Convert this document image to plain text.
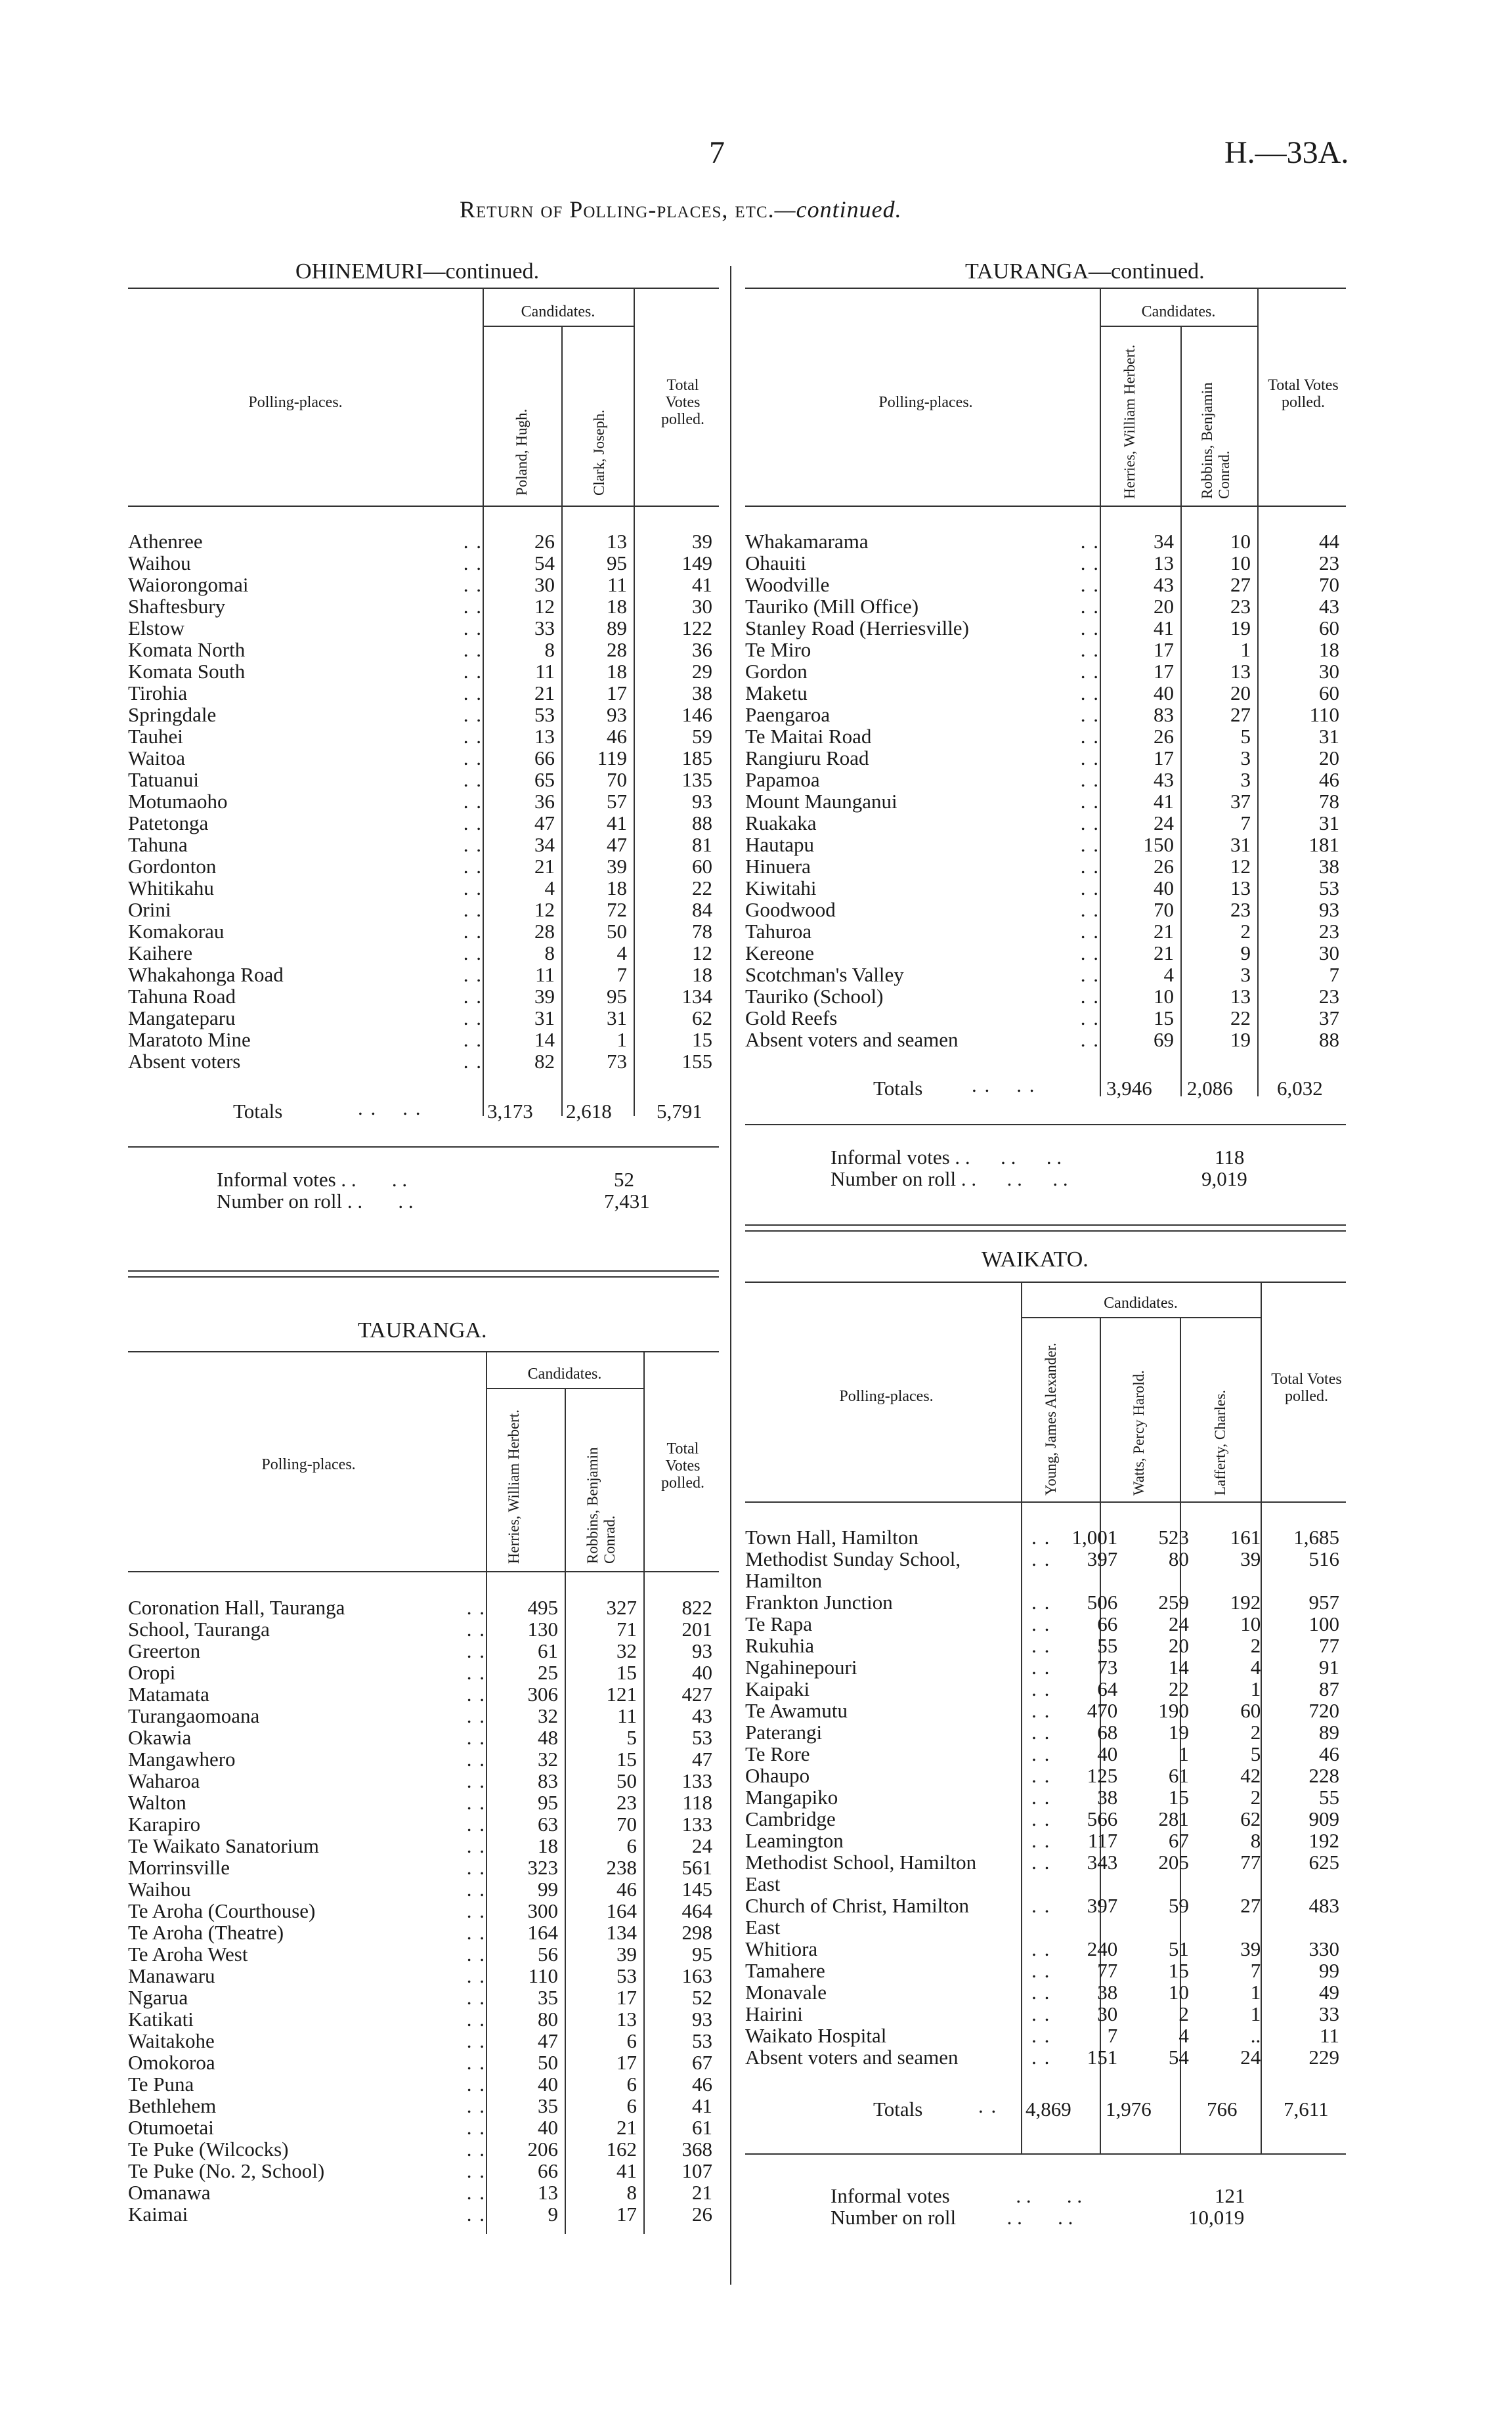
7	H.—33A.
Return of Polling-places, etc.—continued.
OHINEMURI—continued.
Candidates.
Polling-places.
Poland, Hugh.	Clark, Joseph.
Total Votes polled.
Athenree	. .	26	13	39
Waihou	. .	54	95	149
Waiorongomai	. .	30	11	41
Shaftesbury	. .	12	18	30
Elstow	. .	33	89	122
Komata North	. .	8	28	36
Komata South	. .	11	18	29
Tirohia	. .	21	17	38
Springdale	. .	53	93	146
Tauhei	. .	13	46	59
Waitoa	. .	66	119	185
Tatuanui	. .	65	70	135
Motumaoho	. .	36	57	93
Patetonga	. .	47	41	88
Tahuna	. .	34	47	81
Gordonton	. .	21	39	60
Whitikahu	. .	4	18	22
Orini	. .	12	72	84
Komakorau	. .	28	50	78
Kaihere	. .	8	4	12
Whakahonga Road	. .	11	7	18
Tahuna Road	. .	39	95	134
Mangateparu	. .	31	31	62
Maratoto Mine	. .	14	1	15
Absent voters	. .	82	73	155
Totals	. .    . .	3,173 2,618 5,791
Informal votes . .       . .	52
Number on roll . .       . .	7,431
TAURANGA—continued.
Candidates.
Polling-places.	Herries, William Herbert.	Robbins, Benjamin Conrad.
Total Votes polled.
Whakamarama	. .	34	10	44
Ohauiti	. .	13	10	23
Woodville	. .	43	27	70
Tauriko (Mill Office)	. .	20	23	43
Stanley Road (Herriesville)	. .	41	19	60
Te Miro	. .	17	1	18
Gordon	. .	17	13	30
Maketu	. .	40	20	60
Paengaroa	. .	83	27	110
Te Maitai Road	. .	26	5	31
Rangiuru Road	. .	17	3	20
Papamoa	. .	43	3	46
Mount Maunganui	. .	41	37	78
Ruakaka	. .	24	7	31
Hautapu	. .	150	31	181
Hinuera	. .	26	12	38
Kiwitahi	. .	40	13	53
Goodwood	. .	70	23	93
Tahuroa	. .	21	2	23
Kereone	. .	21	9	30
Scotchman's Valley	. .	4	3	7
Tauriko (School)	. .	10	13	23
Gold Reefs	. .	15	22	37
Absent voters and seamen	. .	69	19	88
Totals . .    . .	3,946 2,086 6,032
Informal votes . .      . .      . .	118
Number on roll . .      . .      . .	9,019
TAURANGA.
Candidates.
Polling-places.	Herries, William Herbert.	Robbins, Benjamin Conrad.
Total Votes polled.
Coronation Hall, Tauranga	. .	495	327	822
School, Tauranga	. .	130	71	201
Greerton	. .	61	32	93
Oropi	. .	25	15	40
Matamata	. .	306	121	427
Turangaomoana	. .	32	11	43
Okawia	. .	48	5	53
Mangawhero	. .	32	15	47
Waharoa	. .	83	50	133
Walton	. .	95	23	118
Karapiro	. .	63	70	133
Te Waikato Sanatorium	. .	18	6	24
Morrinsville	. .	323	238	561
Waihou	. .	99	46	145
Te Aroha (Courthouse)	. .	300	164	464
Te Aroha (Theatre)	. .	164	134	298
Te Aroha West	. .	56	39	95
Manawaru	. .	110	53	163
Ngarua	. .	35	17	52
Katikati	. .	80	13	93
Waitakohe	. .	47	6	53
Omokoroa	. .	50	17	67
Te Puna	. .	40	6	46
Bethlehem	. .	35	6	41
Otumoetai	. .	40	21	61
Te Puke (Wilcocks)	. .	206	162	368
Te Puke (No. 2, School)	. .	66	41	107
Omanawa	. .	13	8	21
Kaimai	. .	9	17	26
WAIKATO.
Candidates.
Polling-places.	Young, James Alexander.	Watts, Percy Harold.	Lafferty, Charles.
Total Votes polled.
Town Hall, Hamilton	. .	1,001	523	161	1,685
Methodist Sunday School, Hamilton	. .	397	80	39	516
Frankton Junction	. .	506	259	192	957
Te Rapa	. .	66	24	10	100
Rukuhia	. .	55	20	2	77
Ngahinepouri	. .	73	14	4	91
Kaipaki	. .	64	22	1	87
Te Awamutu	. .	470	190	60	720
Paterangi	. .	68	19	2	89
Te Rore	. .	40	1	5	46
Ohaupo	. .	125	61	42	228
Mangapiko	. .	38	15	2	55
Cambridge	. .	566	281	62	909
Leamington	. .	117	67	8	192
Methodist School, Hamilton East	. .	343	205	77	625
Church of Christ, Hamilton East	. .	397	59	27	483
Whitiora	. .	240	51	39	330
Tamahere	. .	77	15	7	99
Monavale	. .	38	10	1	49
Hairini	. .	30	2	1	33
Waikato Hospital	. .	7	4	..	11
Absent voters and seamen	. .	151	54	24	229
Totals	. . 4,869 1,976	766 7,611
Informal votes             . .       . .	121
Number on roll          . .       . .	10,019
